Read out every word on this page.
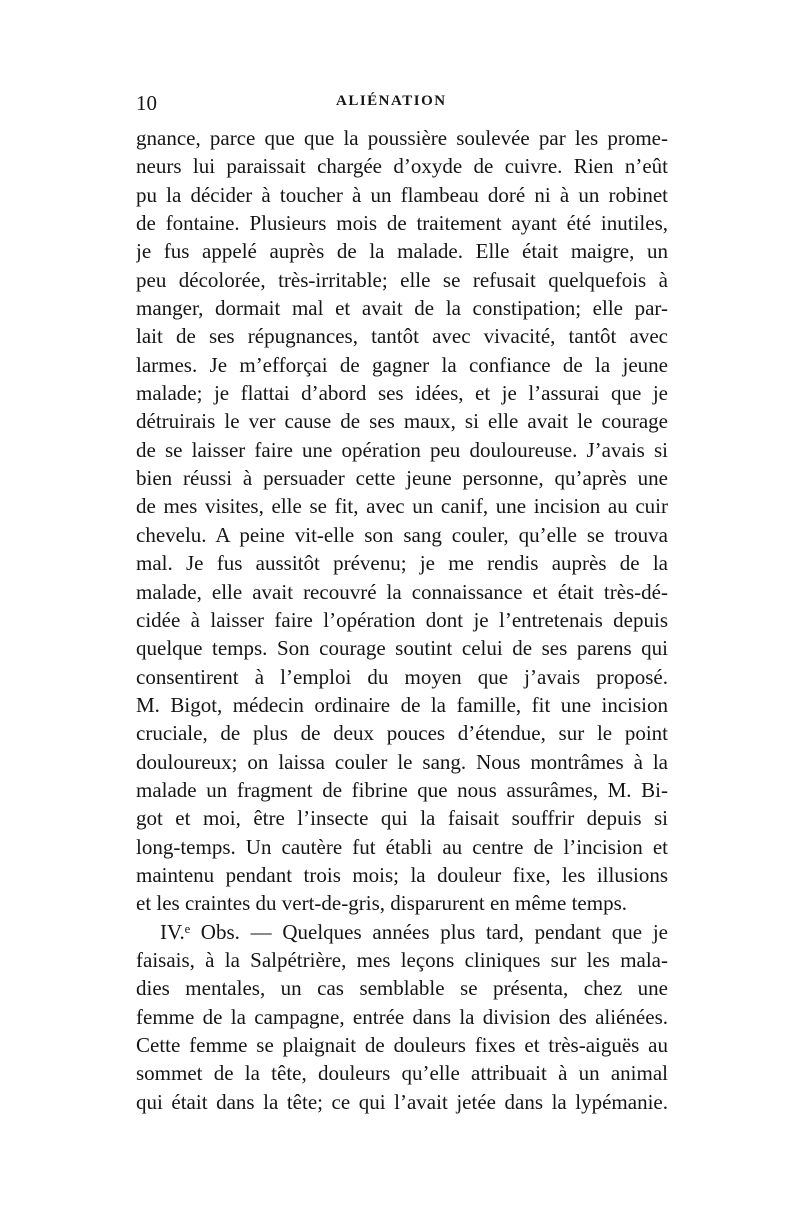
10	ALIÉNATION
gnance, parce que que la poussière soulevée par les prome-
neurs lui paraissait chargée d’oxyde de cuivre. Rien n’eût
pu la décider à toucher à un flambeau doré ni à un robinet
de fontaine. Plusieurs mois de traitement ayant été inutiles,
je fus appelé auprès de la malade. Elle était maigre, un
peu décolorée, très-irritable; elle se refusait quelquefois à
manger, dormait mal et avait de la constipation; elle par-
lait de ses répugnances, tantôt avec vivacité, tantôt avec
larmes. Je m’efforçai de gagner la confiance de la jeune
malade; je flattai d’abord ses idées, et je l’assurai que je
détruirais le ver cause de ses maux, si elle avait le courage
de se laisser faire une opération peu douloureuse. J’avais si
bien réussi à persuader cette jeune personne, qu’après une
de mes visites, elle se fit, avec un canif, une incision au cuir
chevelu. A peine vit-elle son sang couler, qu’elle se trouva
mal. Je fus aussitôt prévenu; je me rendis auprès de la
malade, elle avait recouvré la connaissance et était très-dé-
cidée à laisser faire l’opération dont je l’entretenais depuis
quelque temps. Son courage soutint celui de ses parens qui
consentirent à l’emploi du moyen que j’avais proposé.
M. Bigot, médecin ordinaire de la famille, fit une incision
cruciale, de plus de deux pouces d’étendue, sur le point
douloureux; on laissa couler le sang. Nous montrâmes à la
malade un fragment de fibrine que nous assurâmes, M. Bi-
got et moi, être l’insecte qui la faisait souffrir depuis si
long-temps. Un cautère fut établi au centre de l’incision et
maintenu pendant trois mois; la douleur fixe, les illusions
et les craintes du vert-de-gris, disparurent en même temps.
IV.ᵉ Obs. — Quelques années plus tard, pendant que je
faisais, à la Salpétrière, mes leçons cliniques sur les mala-
dies mentales, un cas semblable se présenta, chez une
femme de la campagne, entrée dans la division des aliénées.
Cette femme se plaignait de douleurs fixes et très-aiguës au
sommet de la tête, douleurs qu’elle attribuait à un animal
qui était dans la tête; ce qui l’avait jetée dans la lypémanie.
